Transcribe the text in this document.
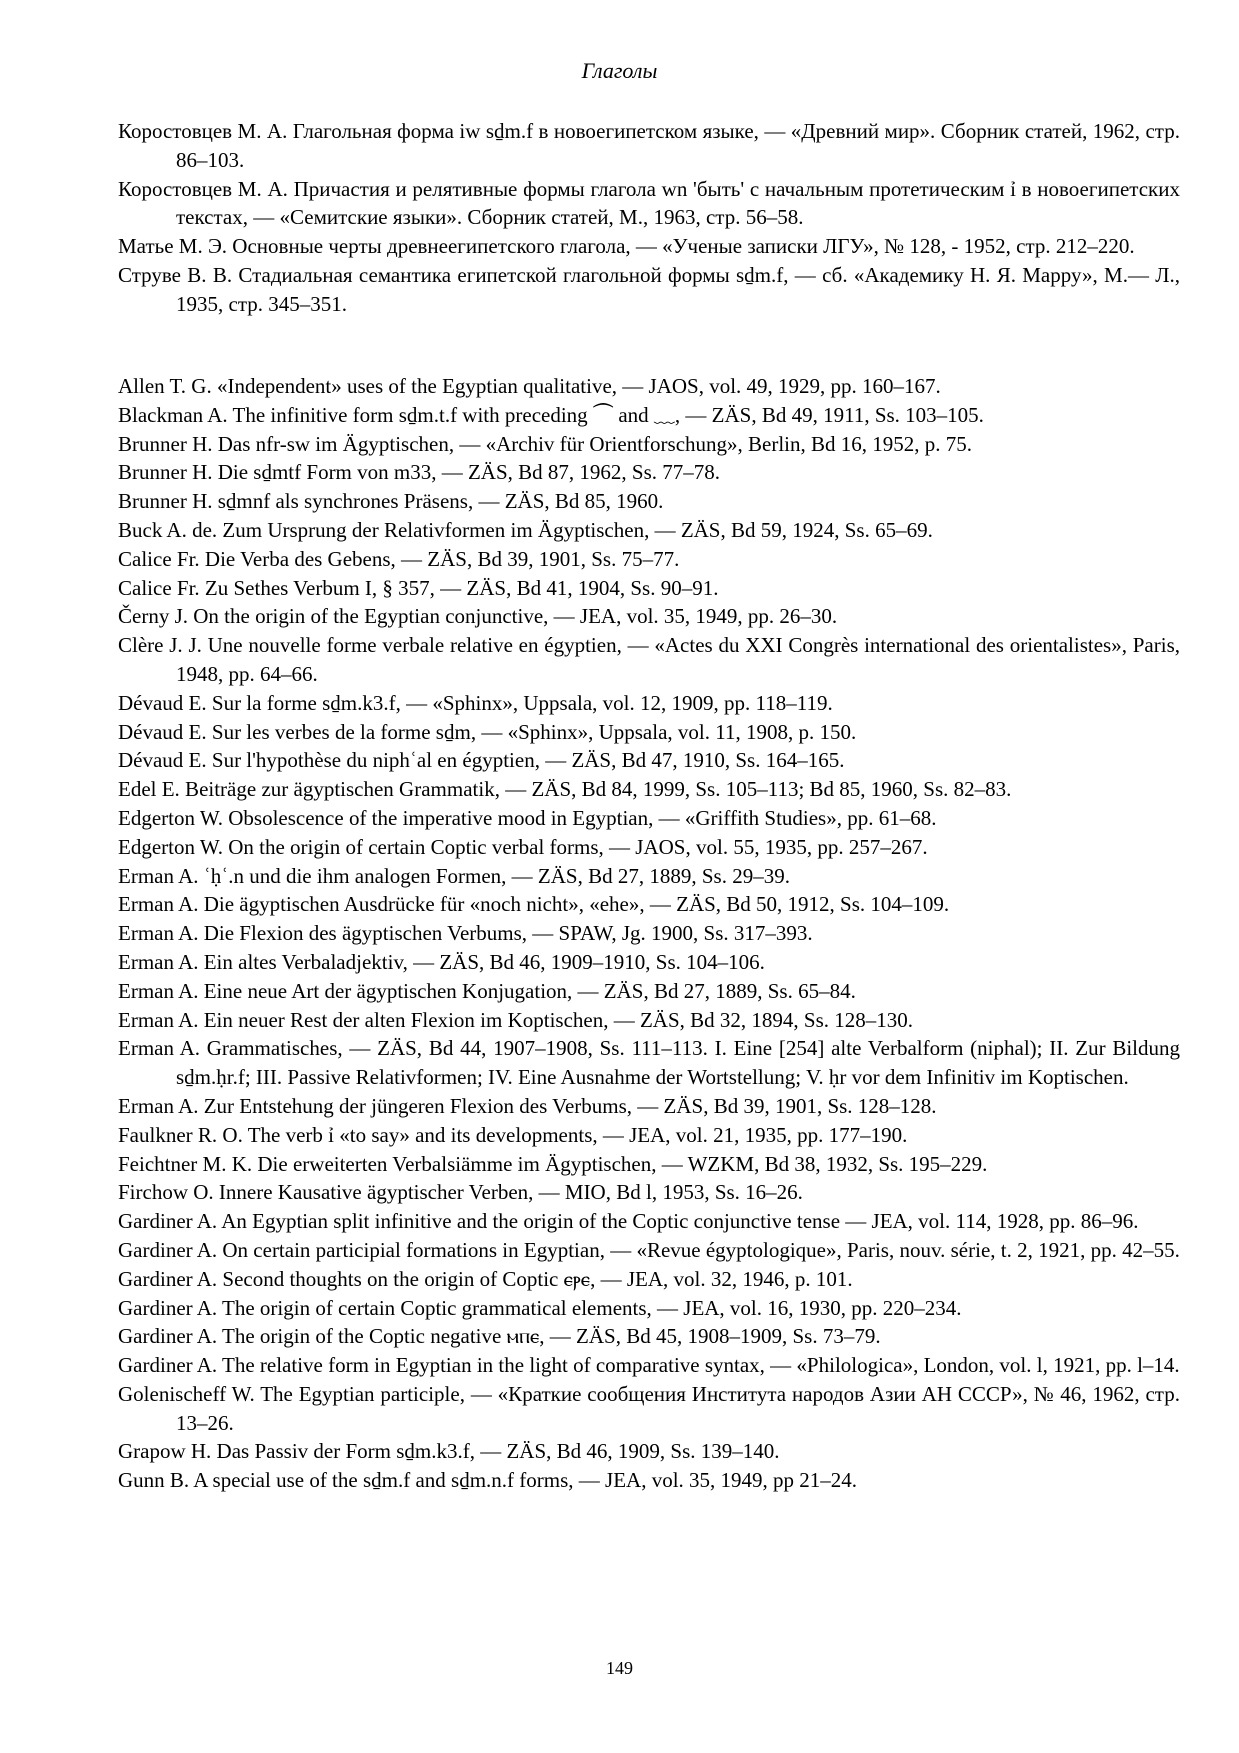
Глаголы
Коростовцев М. А. Глагольная форма iw sḏm.f в новоегипетском языке, — «Древний мир». Сборник статей, 1962, стр. 86–103.
Коростовцев М. А. Причастия и релятивные формы глагола wn 'быть' с начальным протетическим ỉ в новоегипетских текстах, — «Семитские языки». Сборник статей, М., 1963, стр. 56–58.
Матье М. Э. Основные черты древнеегипетского глагола, — «Ученые записки ЛГУ», № 128, - 1952, стр. 212–220.
Струве В. В. Стадиальная семантика египетской глагольной формы sḏm.f, — сб. «Академику Н. Я. Марру», М.— Л., 1935, стр. 345–351.
Allen T. G. «Independent» uses of the Egyptian qualitative, — JAOS, vol. 49, 1929, pp. 160–167.
Blackman A. The infinitive form sḏm.t.f with preceding ⏜ and ﹏, — ZÄS, Bd 49, 1911, Ss. 103–105.
Brunner H. Das nfr-sw im Ägyptischen, — «Archiv für Orientforschung», Berlin, Bd 16, 1952, p. 75.
Brunner H. Die sḏmtf Form von m33, — ZÄS, Bd 87, 1962, Ss. 77–78.
Brunner H. sḏmnf als synchrones Präsens, — ZÄS, Bd 85, 1960.
Buck A. de. Zum Ursprung der Relativformen im Ägyptischen, — ZÄS, Bd 59, 1924, Ss. 65–69.
Calice Fr. Die Verba des Gebens, — ZÄS, Bd 39, 1901, Ss. 75–77.
Calice Fr. Zu Sethes Verbum I, § 357, — ZÄS, Bd 41, 1904, Ss. 90–91.
Černy J. On the origin of the Egyptian conjunctive, — JEA, vol. 35, 1949, pp. 26–30.
Clère J. J. Une nouvelle forme verbale relative en égyptien, — «Actes du XXI Congrès international des orientalistes», Paris, 1948, pp. 64–66.
Dévaud E. Sur la forme sḏm.k3.f, — «Sphinx», Uppsala, vol. 12, 1909, pp. 118–119.
Dévaud E. Sur les verbes de la forme sḏm, — «Sphinx», Uppsala, vol. 11, 1908, p. 150.
Dévaud E. Sur l'hypothèse du niphʿal en égyptien, — ZÄS, Bd 47, 1910, Ss. 164–165.
Edel E. Beiträge zur ägyptischen Grammatik, — ZÄS, Bd 84, 1999, Ss. 105–113; Bd 85, 1960, Ss. 82–83.
Edgerton W. Obsolescence of the imperative mood in Egyptian, — «Griffith Studies», pp. 61–68.
Edgerton W. On the origin of certain Coptic verbal forms, — JAOS, vol. 55, 1935, pp. 257–267.
Erman A. ʿḥʿ.n und die ihm analogen Formen, — ZÄS, Bd 27, 1889, Ss. 29–39.
Erman A. Die ägyptischen Ausdrücke für «noch nicht», «ehe», — ZÄS, Bd 50, 1912, Ss. 104–109.
Erman A. Die Flexion des ägyptischen Verbums, — SPAW, Jg. 1900, Ss. 317–393.
Erman A. Ein altes Verbaladjektiv, — ZÄS, Bd 46, 1909–1910, Ss. 104–106.
Erman A. Eine neue Art der ägyptischen Konjugation, — ZÄS, Bd 27, 1889, Ss. 65–84.
Erman A. Ein neuer Rest der alten Flexion im Koptischen, — ZÄS, Bd 32, 1894, Ss. 128–130.
Erman A. Grammatisches, — ZÄS, Bd 44, 1907–1908, Ss. 111–113. I. Eine [254] alte Verbalform (niphal); II. Zur Bildung sḏm.ḥr.f; III. Passive Relativformen; IV. Eine Ausnahme der Wortstellung; V. ḥr vor dem Infinitiv im Koptischen.
Erman A. Zur Entstehung der jüngeren Flexion des Verbums, — ZÄS, Bd 39, 1901, Ss. 128–128.
Faulkner R. O. The verb ỉ «to say» and its developments, — JEA, vol. 21, 1935, pp. 177–190.
Feichtner M. K. Die erweiterten Verbalsiämme im Ägyptischen, — WZKM, Bd 38, 1932, Ss. 195–229.
Firchow O. Innere Kausative ägyptischer Verben, — MIO, Bd l, 1953, Ss. 16–26.
Gardiner A. An Egyptian split infinitive and the origin of the Coptic conjunctive tense — JEA, vol. 114, 1928, pp. 86–96.
Gardiner A. On certain participial formations in Egyptian, — «Revue égyptologique», Paris, nouv. série, t. 2, 1921, pp. 42–55.
Gardiner A. Second thoughts on the origin of Coptic ⲉⲣⲉ, — JEA, vol. 32, 1946, p. 101.
Gardiner A. The origin of certain Coptic grammatical elements, — JEA, vol. 16, 1930, pp. 220–234.
Gardiner A. The origin of the Coptic negative ⲙⲡⲉ, — ZÄS, Bd 45, 1908–1909, Ss. 73–79.
Gardiner A. The relative form in Egyptian in the light of comparative syntax, — «Philologica», London, vol. l, 1921, pp. l–14.
Golenischeff W. The Egyptian participle, — «Краткие сообщения Института народов Азии АН СССР», № 46, 1962, стр. 13–26.
Grapow H. Das Passiv der Form sḏm.k3.f, — ZÄS, Bd 46, 1909, Ss. 139–140.
Gunn B. A special use of the sḏm.f and sḏm.n.f forms, — JEA, vol. 35, 1949, pp 21–24.
149
